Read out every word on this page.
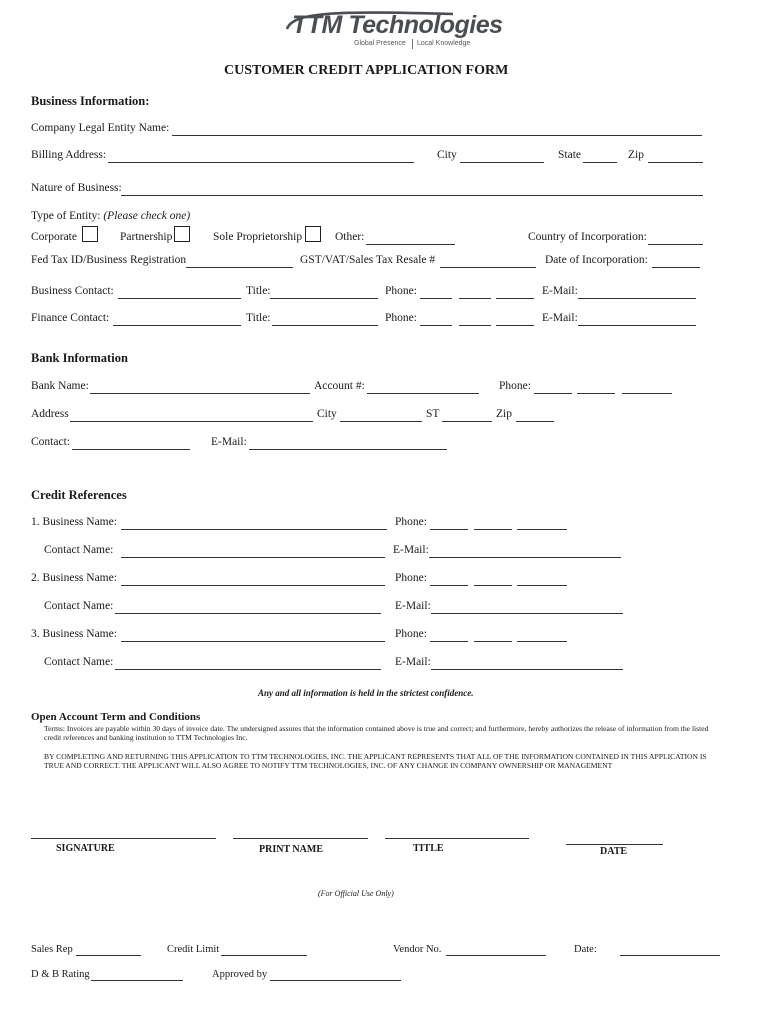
TTM Technologies
Global Presence Local Knowledge
CUSTOMER CREDIT APPLICATION FORM
Business Information:
Company Legal Entity Name:
Billing Address:	City	State	Zip
Nature of Business:
Type of Entity: (Please check one)
Corporate	Partnership	Sole Proprietorship	Other:	Country of Incorporation:
Fed Tax ID/Business Registration	GST/VAT/Sales Tax Resale #	Date of Incorporation:
Business Contact:	Title:	Phone:	E-Mail:
Finance Contact:	Title:	Phone:	E-Mail:
Bank Information
Bank Name:	Account #:	Phone:
Address	City	ST	Zip
Contact:	E-Mail:
Credit References
1. Business Name:	Phone:
Contact Name:	E-Mail:
2. Business Name:	Phone:
Contact Name:	E-Mail:
3. Business Name:	Phone:
Contact Name:	E-Mail:
Any and all information is held in the strictest confidence.
Open Account Term and Conditions
Terms: Invoices are payable within 30 days of invoice date. The undersigned assures that the information contained above is true and correct; and furthermore, hereby authorizes the release of information from the listed
credit references and banking institution to TTM Technologies Inc.
BY COMPLETING AND RETURNING THIS APPLICATION TO TTM TECHNOLOGIES, INC. THE APPLICANT REPRESENTS THAT ALL OF THE INFORMATION CONTAINED IN THIS APPLICATION IS
TRUE AND CORRECT. THE APPLICANT WILL ALSO AGREE TO NOTIFY TTM TECHNOLOGIES, INC. OF ANY CHANGE IN COMPANY OWNERSHIP OR MANAGEMENT
SIGNATURE	PRINT NAME	TITLE	DATE
(For Official Use Only)
Sales Rep	Credit Limit	Vendor No.	Date:
D & B Rating	Approved by
